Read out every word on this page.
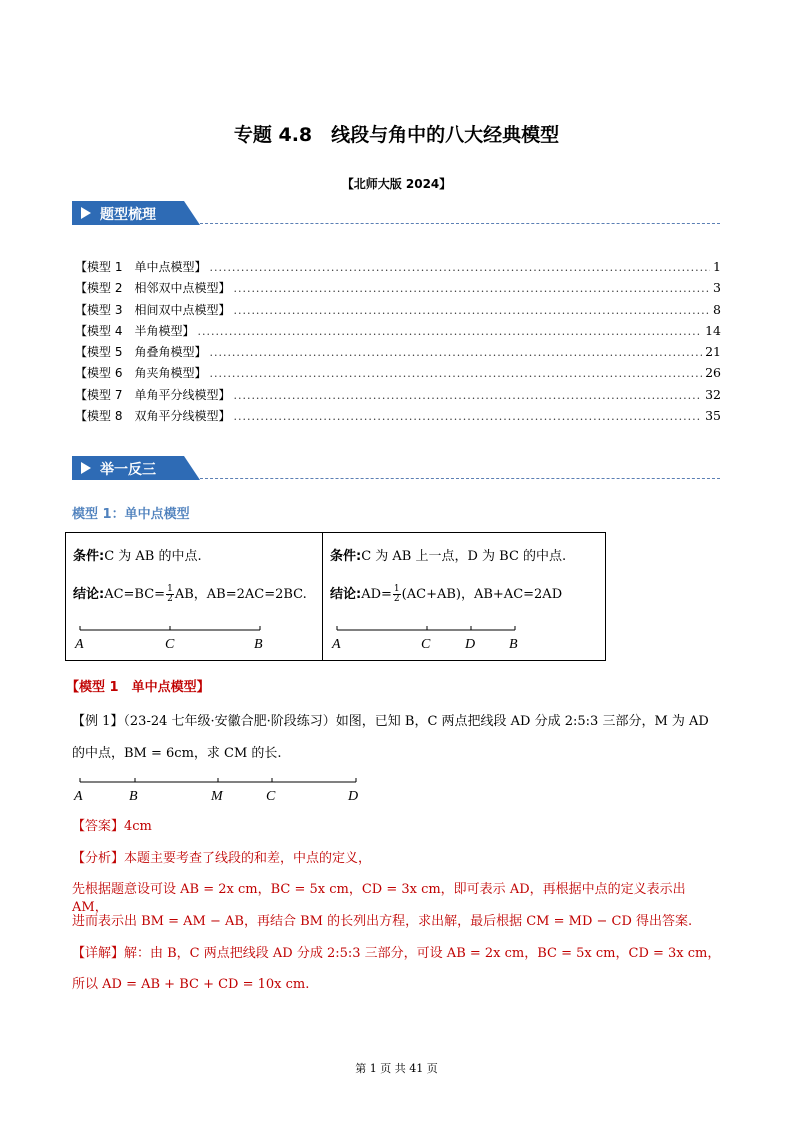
专题 4.8　线段与角中的八大经典模型
【北师大版 2024】
题型梳理
【模型 1　单中点模型】 .....	1
【模型 2　相邻双中点模型】 .....	3
【模型 3　相间双中点模型】 .....	8
【模型 4　半角模型】 .....	14
【模型 5　角叠角模型】 .....	21
【模型 6　角夹角模型】 .....	26
【模型 7　单角平分线模型】 .....	32
【模型 8　双角平分线模型】 .....	35
举一反三
模型 1：单中点模型
条件:C 为 AB 的中点.
结论:AC=BC= $\frac{1}{2}$ AB，AB=2AC=2BC.
A	C	B
条件:C 为 AB 上一点，D 为 BC 的中点.
结论:AD= $\frac{1}{2} (AC+AB)$，AB+AC=2AD
A	C D B
【模型 1　单中点模型】
【例 1】（23-24 七年级·安徽合肥·阶段练习）如图，已知 B，C 两点把线段 AD 分成 2:5:3 三部分，M 为 AD
的中点，BM = 6cm，求 CM 的长.
A	B	M	C	D
【答案】4cm
【分析】本题主要考查了线段的和差，中点的定义，
先根据题意设可设 AB = 2x cm，BC = 5x cm，CD = 3x cm，即可表示 AD，再根据中点的定义表示出 AM，
进而表示出 BM = AM − AB，再结合 BM 的长列出方程，求出解，最后根据 CM = MD − CD 得出答案.
【详解】解：由 B，C 两点把线段 AD 分成 2:5:3 三部分，可设 AB = 2x cm，BC = 5x cm，CD = 3x cm，
所以 AD = AB + BC + CD = 10x cm.
第 1 页 共 41 页
